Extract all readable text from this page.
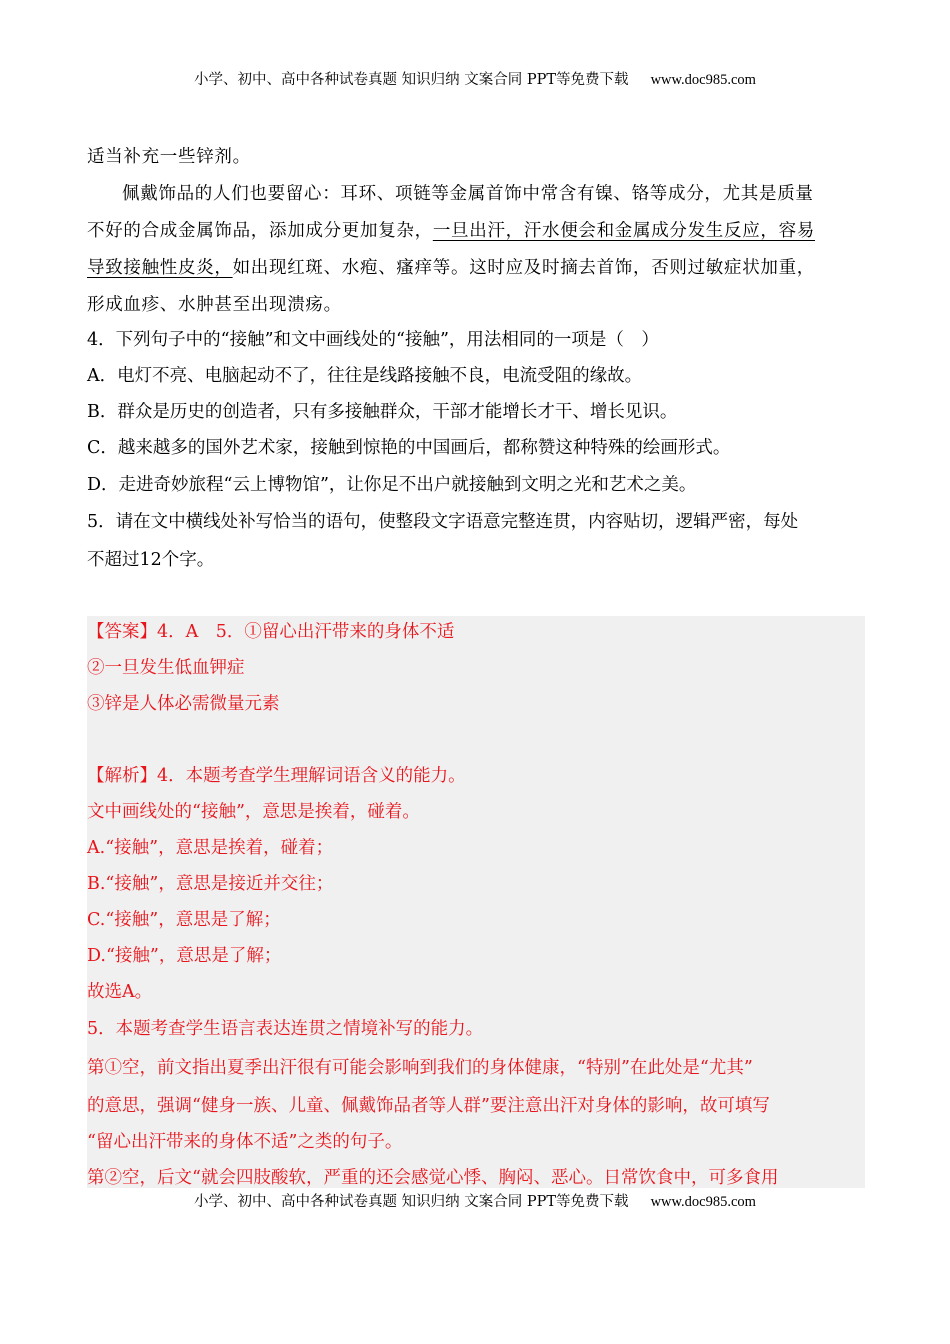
小学、初中、高中各种试卷真题 知识归纳 文案合同 PPT等免费下载 www.doc985.com
适当补充一些锌剂。
佩戴饰品的人们也要留心：耳环、项链等金属首饰中常含有镍、铬等成分，尤其是质量
不好的合成金属饰品，添加成分更加复杂，一旦出汗，汗水便会和金属成分发生反应，容易
导致接触性皮炎，如出现红斑、水疱、瘙痒等。这时应及时摘去首饰，否则过敏症状加重，
形成血疹、水肿甚至出现溃疡。
4．下列句子中的“接触”和文中画线处的“接触”，用法相同的一项是（　）
A．电灯不亮、电脑起动不了，往往是线路接触不良，电流受阻的缘故。
B．群众是历史的创造者，只有多接触群众，干部才能增长才干、增长见识。
C．越来越多的国外艺术家，接触到惊艳的中国画后，都称赞这种特殊的绘画形式。
D．走进奇妙旅程“云上博物馆”，让你足不出户就接触到文明之光和艺术之美。
5．请在文中横线处补写恰当的语句，使整段文字语意完整连贯，内容贴切，逻辑严密，每处
不超过12个字。
【答案】4．A　5．①留心出汗带来的身体不适
②一旦发生低血钾症
③锌是人体必需微量元素
【解析】4．本题考查学生理解词语含义的能力。
文中画线处的“接触”，意思是挨着，碰着。
A.“接触”，意思是挨着，碰着；
B.“接触”，意思是接近并交往；
C.“接触”，意思是了解；
D.“接触”，意思是了解；
故选A。
5．本题考查学生语言表达连贯之情境补写的能力。
第①空，前文指出夏季出汗很有可能会影响到我们的身体健康，“特别”在此处是“尤其”
的意思，强调“健身一族、儿童、佩戴饰品者等人群”要注意出汗对身体的影响，故可填写
“留心出汗带来的身体不适”之类的句子。
第②空，后文“就会四肢酸软，严重的还会感觉心悸、胸闷、恶心。日常饮食中，可多食用
小学、初中、高中各种试卷真题 知识归纳 文案合同 PPT等免费下载 www.doc985.com
